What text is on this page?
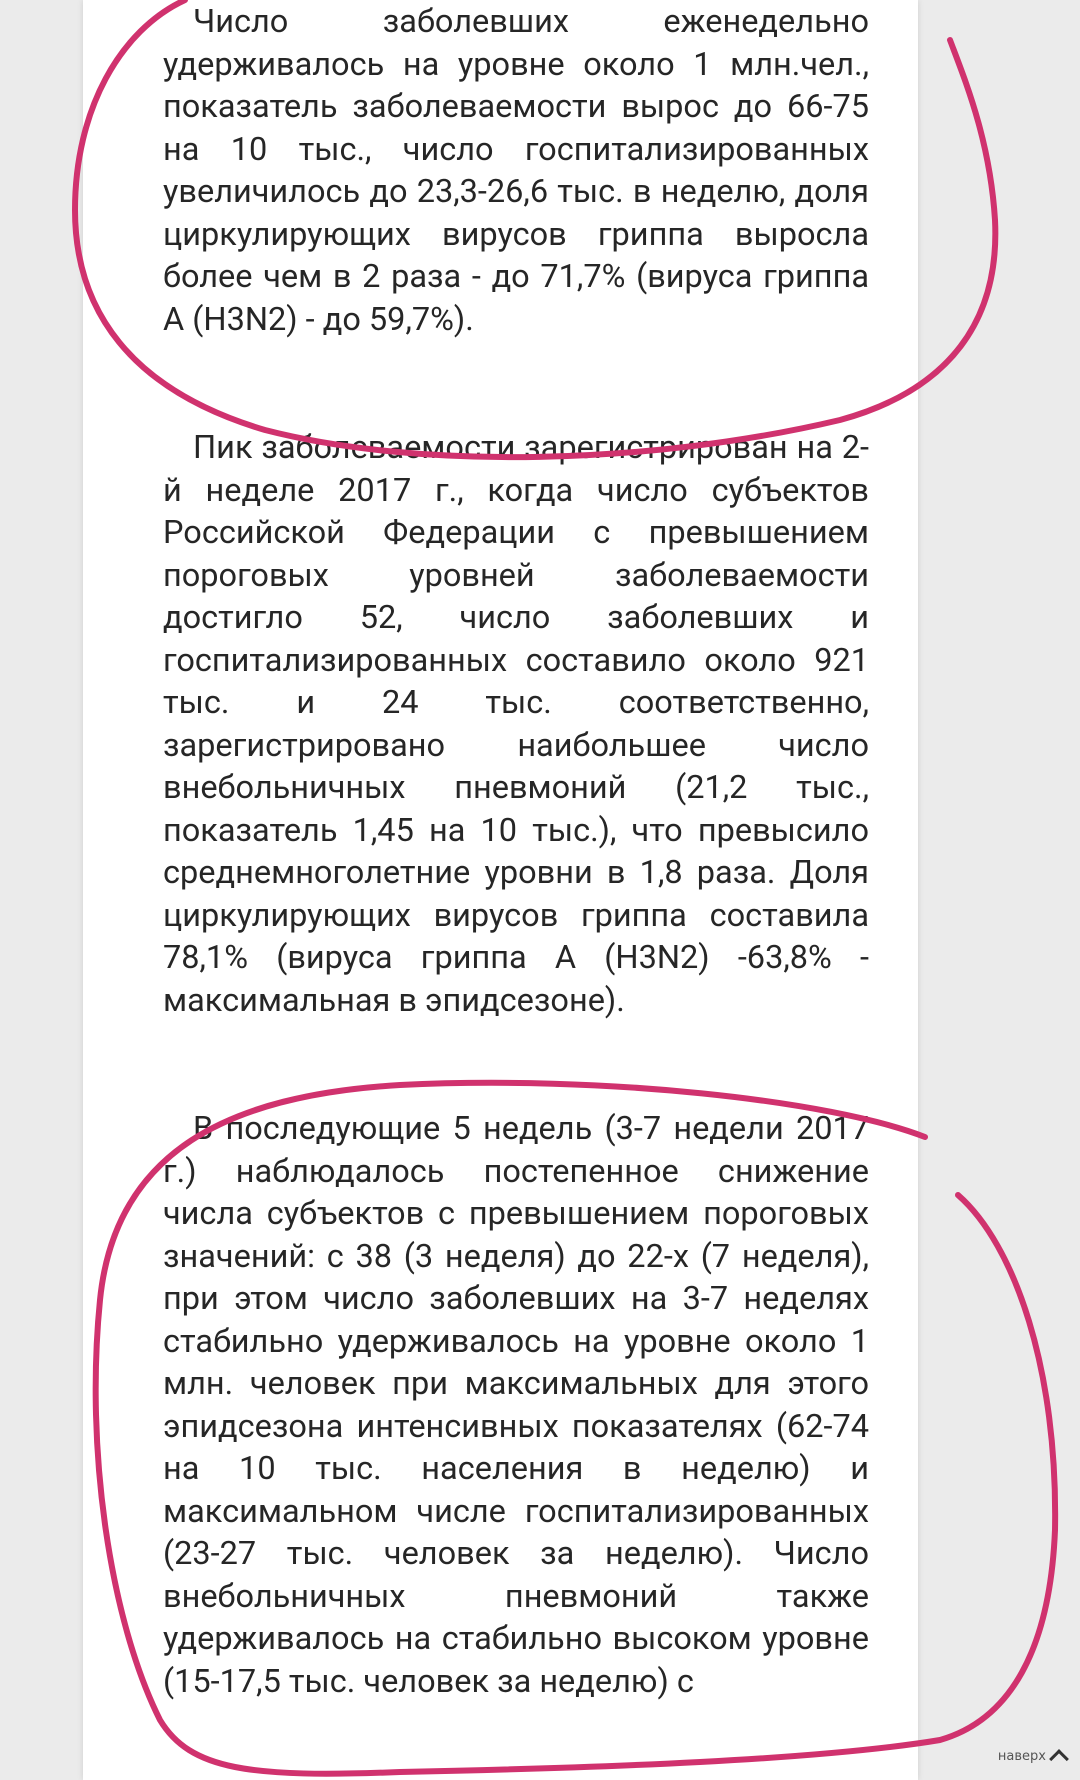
Число заболевших еженедельно удерживалось на уровне около 1 млн.чел., показатель заболеваемости вырос до 66-75 на 10 тыс., число госпитализированных увеличилось до 23,3-26,6 тыс. в неделю, доля циркулирующих вирусов гриппа выросла более чем в 2 раза - до 71,7% (вируса гриппа А (H3N2) - до 59,7%).

Пик заболеваемости зарегистрирован на 2-й неделе 2017 г., когда число субъектов Российской Федерации с превышением пороговых уровней заболеваемости достигло 52, число заболевших и госпитализированных составило около 921 тыс. и 24 тыс. соответственно, зарегистрировано наибольшее число внебольничных пневмоний (21,2 тыс., показатель 1,45 на 10 тыс.), что превысило среднемноголетние уровни в 1,8 раза. Доля циркулирующих вирусов гриппа составила 78,1% (вируса гриппа А (H3N2) -63,8% - максимальная в эпидсезоне).

В последующие 5 недель (3-7 недели 2017 г.) наблюдалось постепенное снижение числа субъектов с превышением пороговых значений: с 38 (3 неделя) до 22-х (7 неделя), при этом число заболевших на 3-7 неделях стабильно удерживалось на уровне около 1 млн. человек при максимальных для этого эпидсезона интенсивных показателях (62-74 на 10 тыс. населения в неделю) и максимальном числе госпитализированных (23-27 тыс. человек за неделю). Число внебольничных пневмоний также удерживалось на стабильно высоком уровне (15-17,5 тыс. человек за неделю) с

наверх
